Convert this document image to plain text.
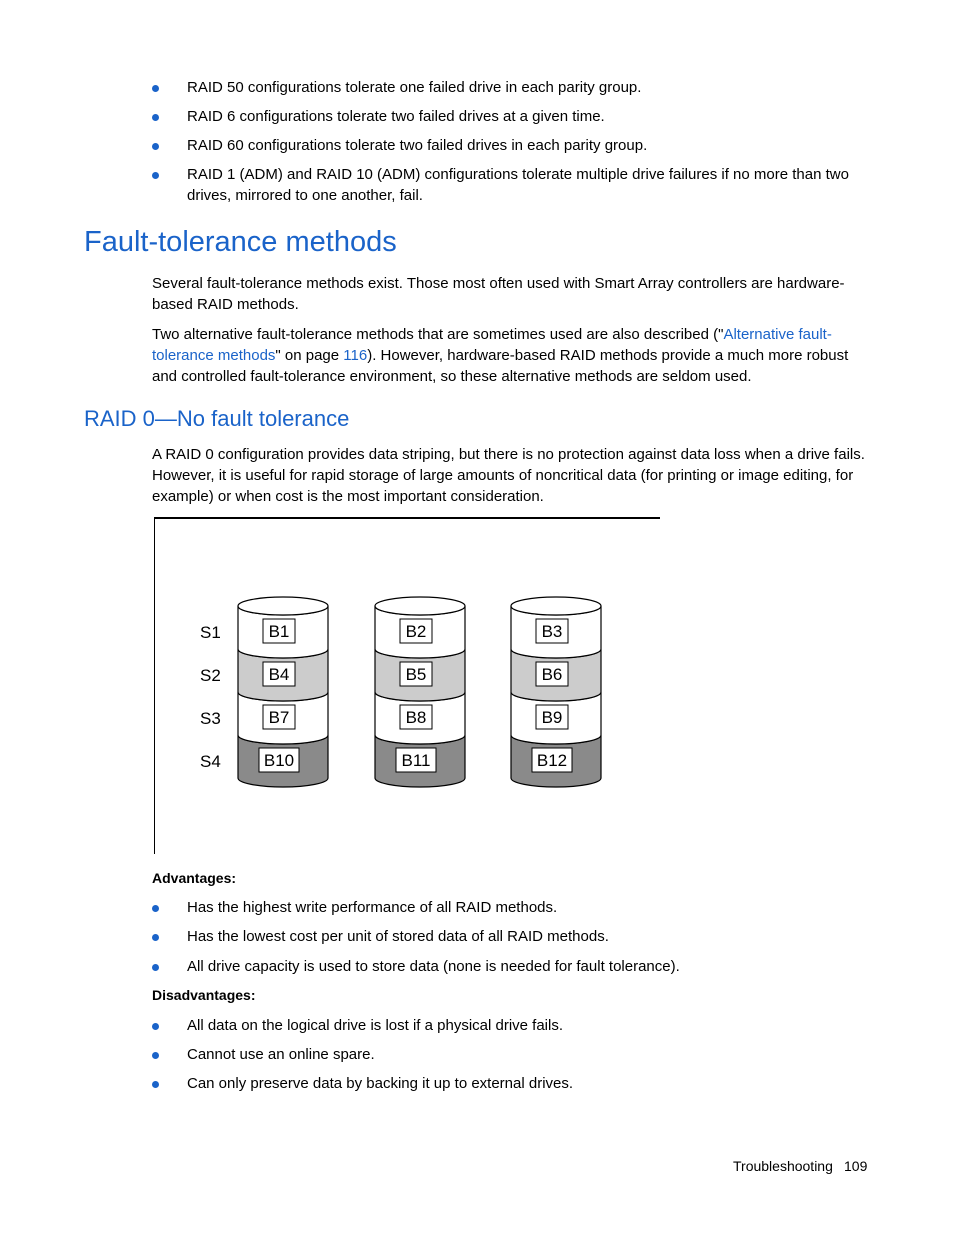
RAID 50 configurations tolerate one failed drive in each parity group.
RAID 6 configurations tolerate two failed drives at a given time.
RAID 60 configurations tolerate two failed drives in each parity group.
RAID 1 (ADM) and RAID 10 (ADM) configurations tolerate multiple drive failures if no more than two drives, mirrored to one another, fail.
Fault-tolerance methods
Several fault-tolerance methods exist. Those most often used with Smart Array controllers are hardware-based RAID methods.
Two alternative fault-tolerance methods that are sometimes used are also described ("Alternative fault-tolerance methods" on page 116). However, hardware-based RAID methods provide a much more robust and controlled fault-tolerance environment, so these alternative methods are seldom used.
RAID 0—No fault tolerance
A RAID 0 configuration provides data striping, but there is no protection against data loss when a drive fails. However, it is useful for rapid storage of large amounts of noncritical data (for printing or image editing, for example) or when cost is the most important consideration.
S1
S2
S3
S4
B1
B4
B7
B10
B2
B5
B8
B11
B3
B6
B9
B12
Advantages:
Has the highest write performance of all RAID methods.
Has the lowest cost per unit of stored data of all RAID methods.
All drive capacity is used to store data (none is needed for fault tolerance).
Disadvantages:
All data on the logical drive is lost if a physical drive fails.
Cannot use an online spare.
Can only preserve data by backing it up to external drives.
Troubleshooting 109
